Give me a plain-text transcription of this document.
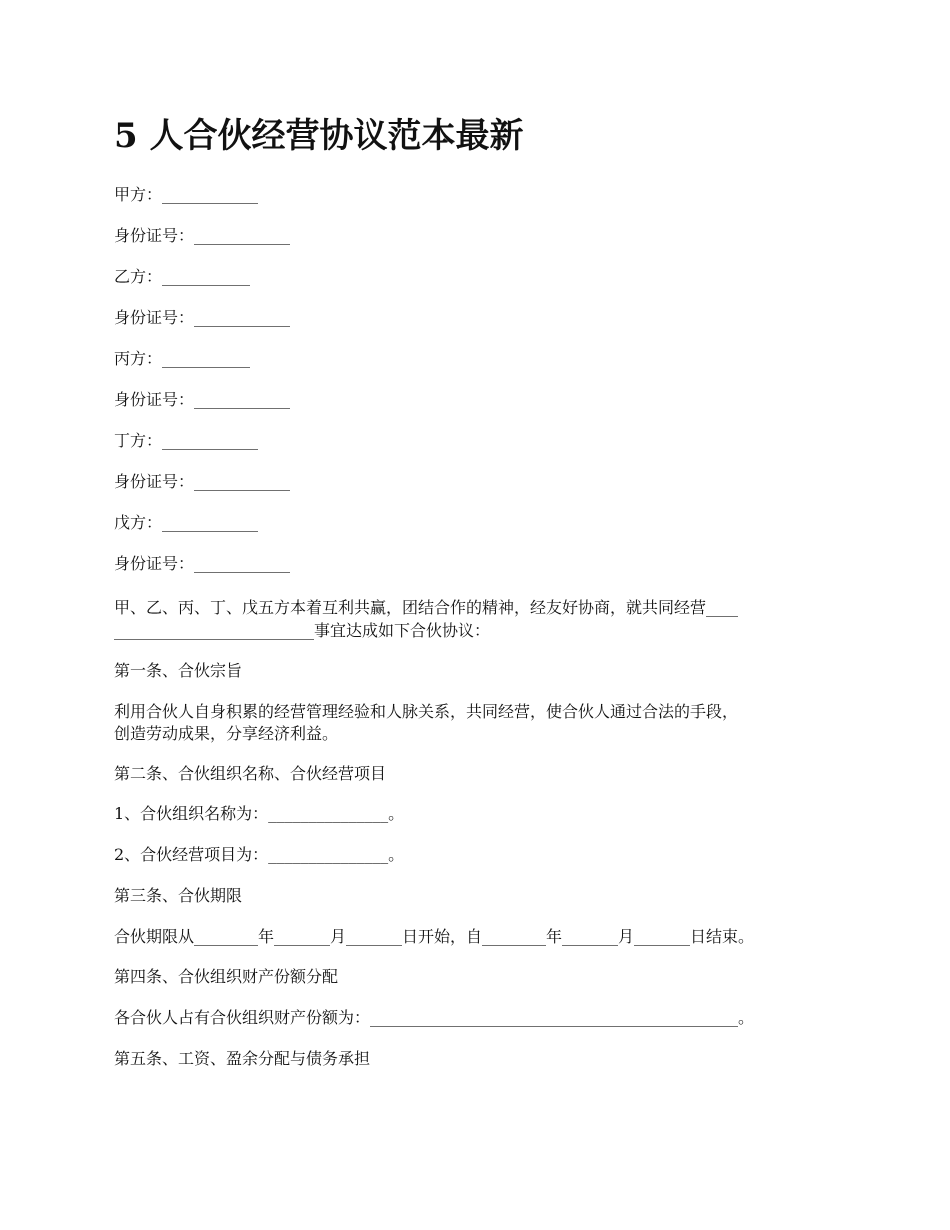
5 人合伙经营协议范本最新
甲方：____________
身份证号：____________
乙方：___________
身份证号：____________
丙方：___________
身份证号：____________
丁方：____________
身份证号：____________
戊方：____________
身份证号：____________
甲、乙、丙、丁、戊五方本着互利共赢，团结合作的精神，经友好协商，就共同经营____
_________________________事宜达成如下合伙协议：
第一条、合伙宗旨
利用合伙人自身积累的经营管理经验和人脉关系，共同经营，使合伙人通过合法的手段，
创造劳动成果，分享经济利益。
第二条、合伙组织名称、合伙经营项目
1、合伙组织名称为：_______________。
2、合伙经营项目为：_______________。
第三条、合伙期限
合伙期限从________年_______月_______日开始，自________年_______月_______日结束。
第四条、合伙组织财产份额分配
各合伙人占有合伙组织财产份额为：______________________________________________。
第五条、工资、盈余分配与债务承担
